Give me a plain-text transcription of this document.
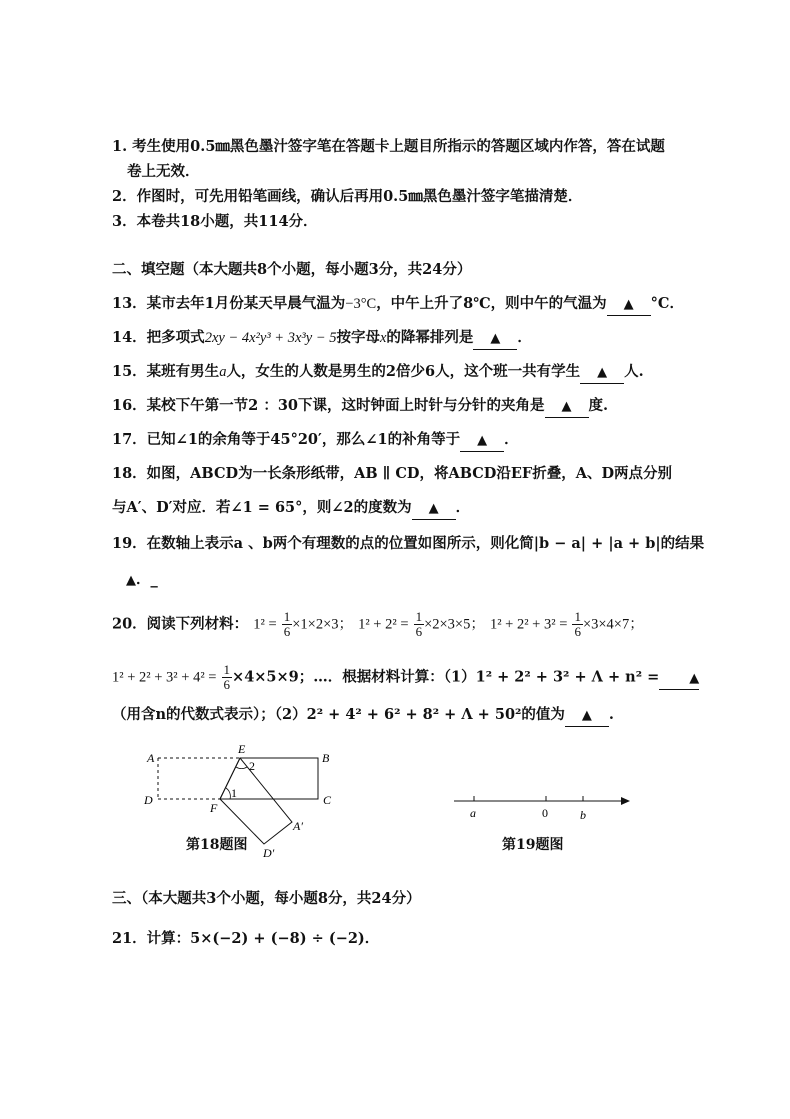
1. 考生使用0.5㎜黑色墨汁签字笔在答题卡上题目所指示的答题区域内作答，答在试题
卷上无效．
2．作图时，可先用铅笔画线，确认后再用0.5㎜黑色墨汁签字笔描清楚．
3．本卷共18小题，共114分．
二、填空题（本大题共8个小题，每小题3分，共24分）
13．某市去年1月份某天早晨气温为−3°C，中午上升了8℃，则中午的气温为 ▲ °C．
14．把多项式2xy − 4x²y³ + 3x³y − 5按字母x的降幂排列是 ▲ ．
15．某班有男生a人，女生的人数是男生的2倍少6人，这个班一共有学生 ▲ 人.
16．某校下午第一节2 ：30下课，这时钟面上时针与分针的夹角是 ▲ 度.
17．已知∠1的余角等于45°20′，那么∠1的补角等于 ▲ ．
18．如图，ABCD为一长条形纸带，AB ∥ CD，将ABCD沿EF折叠，A、D两点分别
与A′、D′对应．若∠1 = 65°，则∠2的度数为 ▲ ．
19．在数轴上表示a 、b两个有理数的点的位置如图所示，则化简|b − a| + |a + b|的结果
▲．_
20．阅读下列材料： $1^2 = \frac{1}{6} \times 1\times 2\times 3$； $1^2 + 2^2 = \frac{1}{6} \times 2\times 3\times 5$； $1^2 + 2^2 + 3^2 = \frac{1}{6} \times 3\times 4\times 7$；
$1^2 + 2^2 + 3^2 + 4^2 = \frac{1}{6} \times 4\times 5\times 9$；…．根据材料计算：（1）1² + 2² + 3² + Λ + n² = ▲
（用含n的代数式表示）；（2）2² + 4² + 6² + 8² + Λ + 50²的值为 ▲ .
A
E
B
D
F
C
A′
D′
1
2
第18题图
a	0	b
第19题图
三、（本大题共3个小题，每小题8分，共24分）
21．计算：5×(−2) + (−8) ÷ (−2)．
